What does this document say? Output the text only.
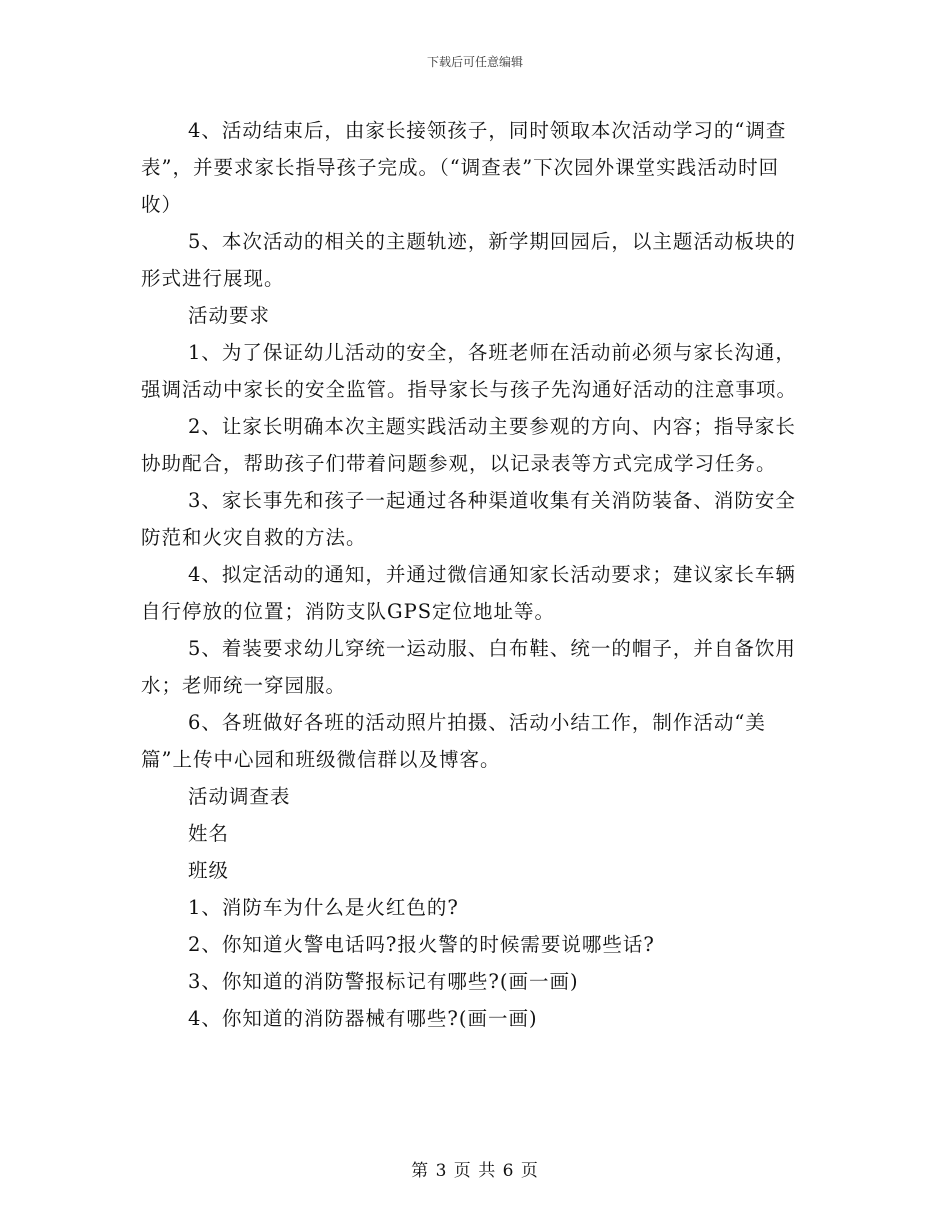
下载后可任意编辑

4、活动结束后，由家长接领孩子，同时领取本次活动学习的“调查表”，并要求家长指导孩子完成。（“调查表”下次园外课堂实践活动时回收）

5、本次活动的相关的主题轨迹，新学期回园后，以主题活动板块的形式进行展现。

活动要求

1、为了保证幼儿活动的安全，各班老师在活动前必须与家长沟通，强调活动中家长的安全监管。指导家长与孩子先沟通好活动的注意事项。

2、让家长明确本次主题实践活动主要参观的方向、内容；指导家长协助配合，帮助孩子们带着问题参观，以记录表等方式完成学习任务。

3、家长事先和孩子一起通过各种渠道收集有关消防装备、消防安全防范和火灾自救的方法。

4、拟定活动的通知，并通过微信通知家长活动要求；建议家长车辆自行停放的位置；消防支队GPS定位地址等。

5、着装要求幼儿穿统一运动服、白布鞋、统一的帽子，并自备饮用水；老师统一穿园服。

6、各班做好各班的活动照片拍摄、活动小结工作，制作活动“美篇”上传中心园和班级微信群以及博客。

活动调查表

姓名

班级

1、消防车为什么是火红色的?

2、你知道火警电话吗?报火警的时候需要说哪些话?

3、你知道的消防警报标记有哪些?(画一画)

4、你知道的消防器械有哪些?(画一画)

第 3 页 共 6 页
